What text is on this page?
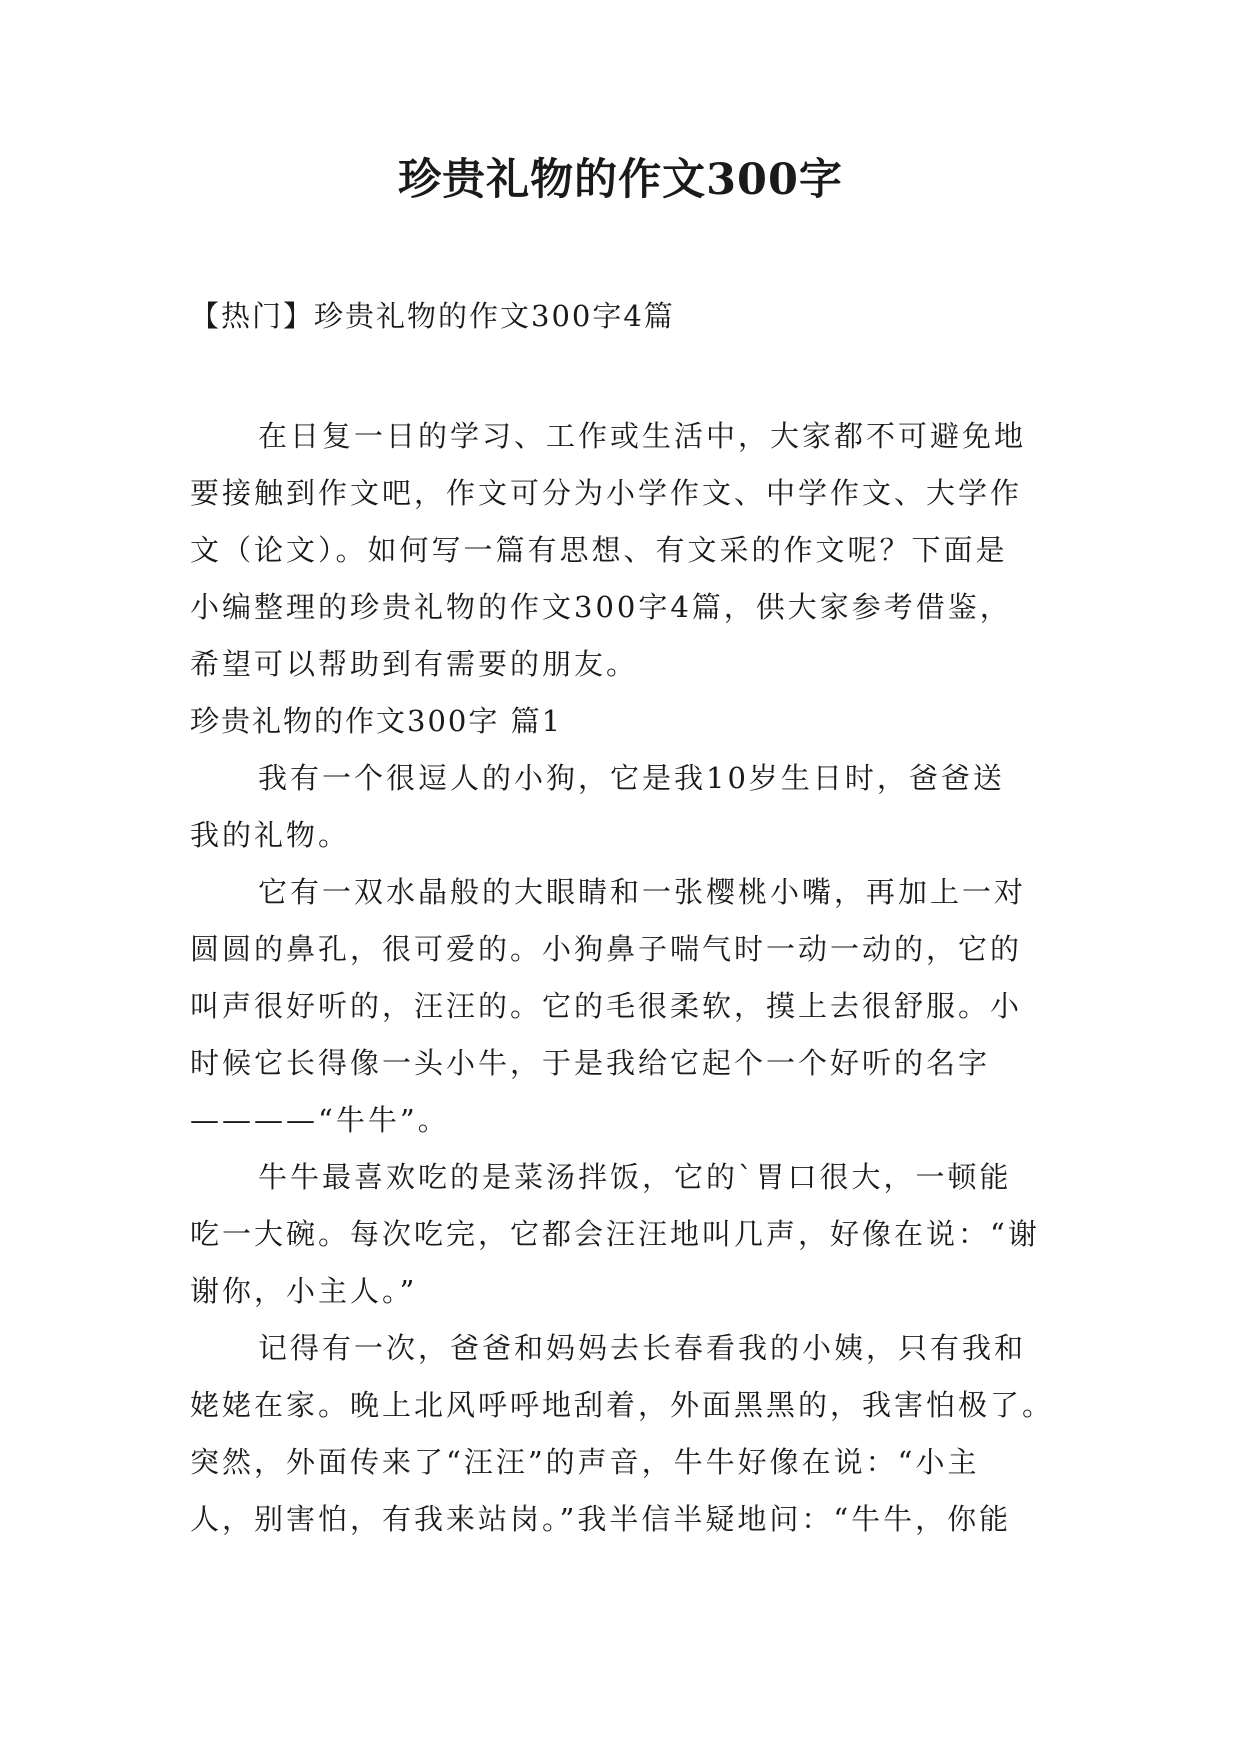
珍贵礼物的作文300字

【热门】珍贵礼物的作文300字4篇

在日复一日的学习、工作或生活中，大家都不可避免地

要接触到作文吧，作文可分为小学作文、中学作文、大学作

文（论文）。如何写一篇有思想、有文采的作文呢？下面是

小编整理的珍贵礼物的作文300字4篇，供大家参考借鉴，

希望可以帮助到有需要的朋友。

珍贵礼物的作文300字 篇1

我有一个很逗人的小狗，它是我10岁生日时，爸爸送

我的礼物。

它有一双水晶般的大眼睛和一张樱桃小嘴，再加上一对

圆圆的鼻孔，很可爱的。小狗鼻子喘气时一动一动的，它的

叫声很好听的，汪汪的。它的毛很柔软，摸上去很舒服。小

时候它长得像一头小牛，于是我给它起个一个好听的名字

————“牛牛”。

牛牛最喜欢吃的是菜汤拌饭，它的`胃口很大，一顿能

吃一大碗。每次吃完，它都会汪汪地叫几声，好像在说：“谢

谢你，小主人。”

记得有一次，爸爸和妈妈去长春看我的小姨，只有我和

姥姥在家。晚上北风呼呼地刮着，外面黑黑的，我害怕极了。

突然，外面传来了“汪汪”的声音，牛牛好像在说：“小主

人，别害怕，有我来站岗。”我半信半疑地问：“牛牛，你能
